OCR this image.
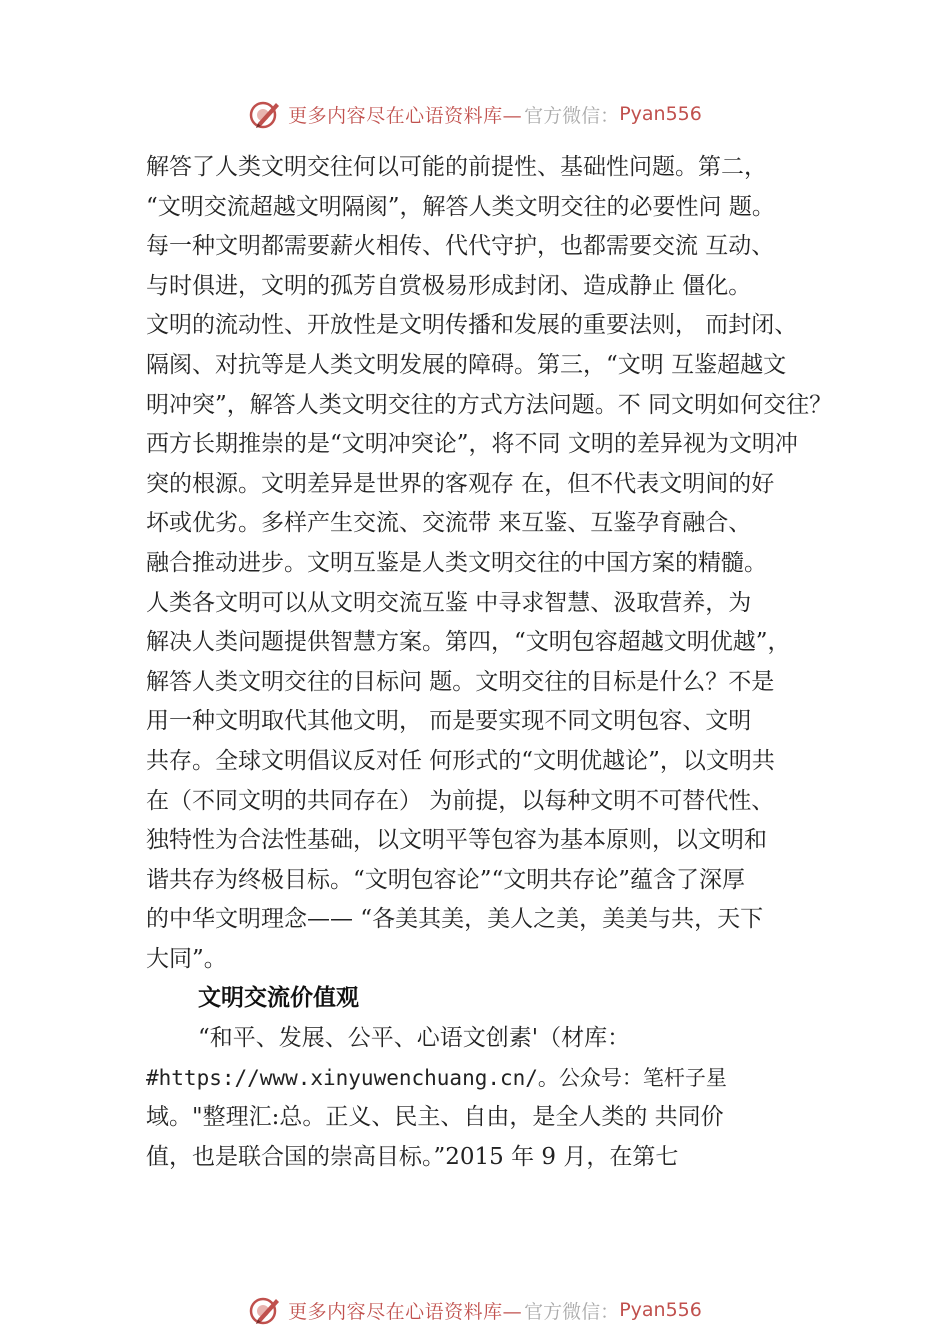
更多内容尽在心语资料库— 官方微信： Pyan556
解答了人类文明交往何以可能的前提性、基础性问题。第二，
“文明交流超越文明隔阂”，解答人类文明交往的必要性问 题。
每一种文明都需要薪火相传、代代守护，也都需要交流 互动、
与时俱进，文明的孤芳自赏极易形成封闭、造成静止 僵化。
文明的流动性、开放性是文明传播和发展的重要法则， 而封闭、
隔阂、对抗等是人类文明发展的障碍。第三，“文明 互鉴超越文
明冲突”，解答人类文明交往的方式方法问题。不 同文明如何交往？
西方长期推崇的是“文明冲突论”，将不同 文明的差异视为文明冲
突的根源。文明差异是世界的客观存 在，但不代表文明间的好
坏或优劣。多样产生交流、交流带 来互鉴、互鉴孕育融合、
融合推动进步。文明互鉴是人类文明交往的中国方案的精髓。
人类各文明可以从文明交流互鉴 中寻求智慧、汲取营养，为
解决人类问题提供智慧方案。第四，“文明包容超越文明优越”，
解答人类文明交往的目标问 题。文明交往的目标是什么？不是
用一种文明取代其他文明， 而是要实现不同文明包容、文明
共存。全球文明倡议反对任 何形式的“文明优越论”，以文明共
在（不同文明的共同存在） 为前提，以每种文明不可替代性、
独特性为合法性基础，以文明平等包容为基本原则，以文明和
谐共存为终极目标。“文明包容论”“文明共存论”蕴含了深厚
的中华文明理念—— “各美其美，美人之美，美美与共，天下
大同”。
文明交流价值观
“和平、发展、公平、心语文创素'（材库：
#https://www.xinyuwenchuang.cn/。公众号：笔杆子星
域。"整理汇:总。正义、民主、自由，是全人类的 共同价
值，也是联合国的崇高目标。”2015 年 9 月，在第七
更多内容尽在心语资料库— 官方微信： Pyan556
